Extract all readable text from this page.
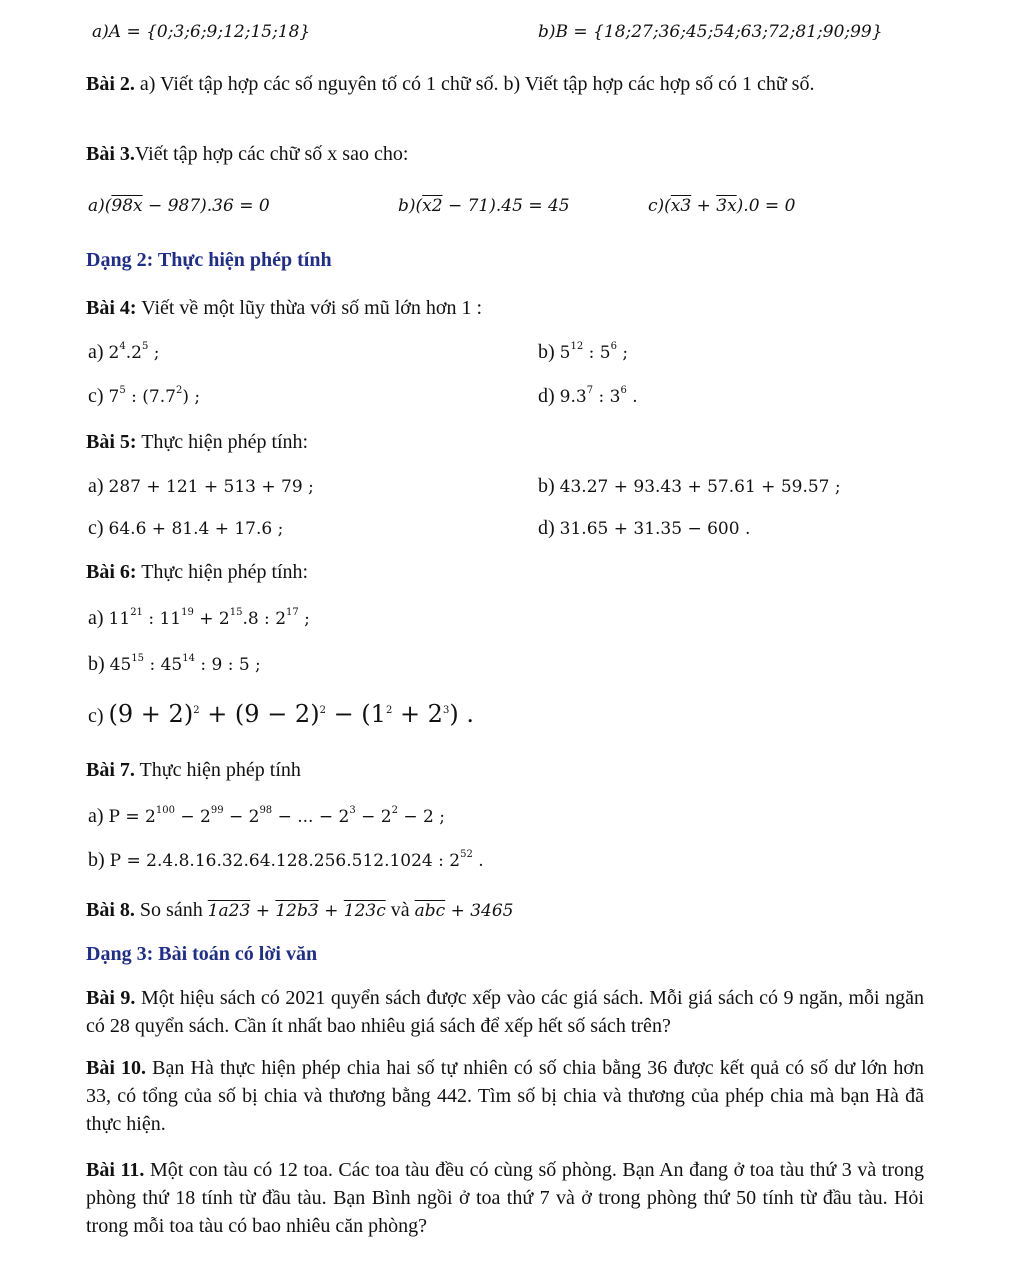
a)A = {0;3;6;9;12;15;18}	b)B = {18;27;36;45;54;63;72;81;90;99}
Bài 2. a) Viết tập hợp các số nguyên tố có 1 chữ số. b) Viết tập hợp các hợp số có 1 chữ số.
Bài 3.Viết tập hợp các chữ số x sao cho:
a)(98x − 987).36 = 0	b)(x2 − 71).45 = 45	c)(x3 + 3x).0 = 0
Dạng 2: Thực hiện phép tính
Bài 4: Viết về một lũy thừa với số mũ lớn hơn 1 :
a) $2^4.2^5$ ;	b) $5^{12}$ : $5^6$ ;
c) $7^5$ : $(7.7^2)$ ;	d) $9.3^7$ : $3^6$ .
Bài 5: Thực hiện phép tính:
a) 287 + 121 + 513 + 79 ;	b) 43.27 + 93.43 + 57.61 + 59.57 ;
c) 64.6 + 81.4 + 17.6 ;	d) 31.65 + 31.35 − 600 .
Bài 6: Thực hiện phép tính:
a) $11^{21}$ : $11^{19} + 2^{15}.8$ : $2^{17}$ ;
b) $45^{15}$ : $45^{14}$ : 9 : 5 ;
c) $(9 + 2)^2 + (9 - 2)^2 - (1^2 + 2^3)$ .
Bài 7. Thực hiện phép tính
a) $P = 2^{100} - 2^{99} - 2^{98}$ − ... − $2^3 - 2^2 - 2$ ;
b) P = 2.4.8.16.32.64.128.256.512.1024 : $2^{52}$ .
Bài 8. So sánh 1a23 + 12b3 + 123c và $\overline{abc} + 3465$
Dạng 3: Bài toán có lời văn
Bài 9. Một hiệu sách có 2021 quyển sách được xếp vào các giá sách. Mỗi giá sách có 9 ngăn, mỗi ngăn có 28 quyển sách. Cần ít nhất bao nhiêu giá sách để xếp hết số sách trên?
Bài 10. Bạn Hà thực hiện phép chia hai số tự nhiên có số chia bằng 36 được kết quả có số dư lớn hơn 33, có tổng của số bị chia và thương bằng 442. Tìm số bị chia và thương của phép chia mà bạn Hà đã thực hiện.
Bài 11. Một con tàu có 12 toa. Các toa tàu đều có cùng số phòng. Bạn An đang ở toa tàu thứ 3 và trong phòng thứ 18 tính từ đầu tàu. Bạn Bình ngồi ở toa thứ 7 và ở trong phòng thứ 50 tính từ đầu tàu. Hỏi trong mỗi toa tàu có bao nhiêu căn phòng?
